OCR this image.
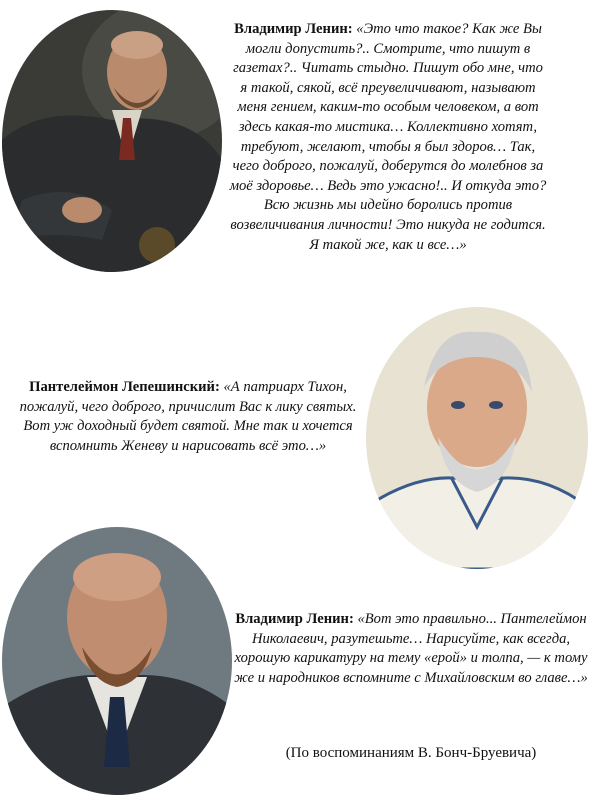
Владимир Ленин: «Это что такое? Как же Вы могли допустить?.. Смотрите, что пишут в газетах?.. Читать стыдно. Пишут обо мне, что я такой, сякой, всё преувеличивают, называют меня гением, каким-то особым человеком, а вот здесь какая-то мистика… Коллективно хотят, требуют, желают, чтобы я был здоров… Так, чего доброго, пожалуй, доберутся до молебнов за моё здоровье… Ведь это ужасно!.. И откуда это? Всю жизнь мы идейно боролись против возвеличивания личности! Это никуда не годится. Я такой же, как и все…»
Пантелеймон Лепешинский: «А патриарх Тихон, пожалуй, чего доброго, причислит Вас к лику святых. Вот уж доходный будет святой. Мне так и хочется вспомнить Женеву и нарисовать всё это…»
Владимир Ленин: «Вот это правильно... Пантелеймон Николаевич, разутешьте… Нарисуйте, как всегда, хорошую карикатуру на тему «ерой» и толпа, — к тому же и народников вспомните с Михайловским во главе…»
(По воспоминаниям В. Бонч-Бруевича)
